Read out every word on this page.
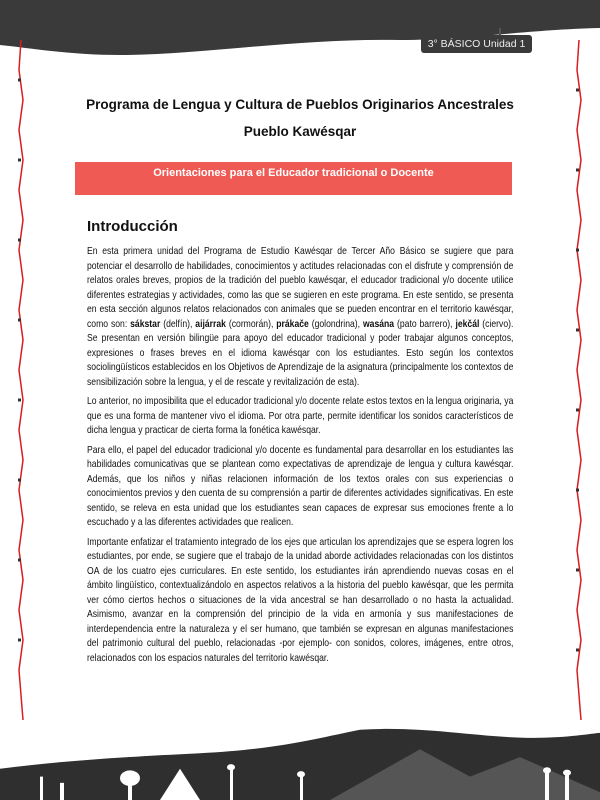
3° BÁSICO Unidad 1
Programa de Lengua y Cultura de Pueblos Originarios Ancestrales
Pueblo Kawésqar
Orientaciones para el Educador tradicional o Docente
Introducción

En esta primera unidad del Programa de Estudio Kawésqar de Tercer Año Básico se sugiere que para potenciar el desarrollo de habilidades, conocimientos y actitudes relacionadas con el disfrute y comprensión de relatos orales breves, propios de la tradición del pueblo kawésqar, el educador tradicional y/o docente utilice diferentes estrategias y actividades, como las que se sugieren en este programa. En este sentido, se presenta en esta sección algunos relatos relacionados con animales que se pueden encontrar en el territorio kawésqar, como son: sákstar (delfín), aijárrak (cormorán), prákače (golondrina), wasána (pato barrero), jekčál (ciervo). Se presentan en versión bilingüe para apoyo del educador tradicional y poder trabajar algunos conceptos, expresiones o frases breves en el idioma kawésqar con los estudiantes. Esto según los contextos sociolingüísticos establecidos en los Objetivos de Aprendizaje de la asignatura (principalmente los contextos de sensibilización sobre la lengua, y el de rescate y revitalización de esta).

Lo anterior, no imposibilita que el educador tradicional y/o docente relate estos textos en la lengua originaria, ya que es una forma de mantener vivo el idioma. Por otra parte, permite identificar los sonidos característicos de dicha lengua y practicar de cierta forma la fonética kawésqar.

Para ello, el papel del educador tradicional y/o docente es fundamental para desarrollar en los estudiantes las habilidades comunicativas que se plantean como expectativas de aprendizaje de lengua y cultura kawésqar. Además, que los niños y niñas relacionen información de los textos orales con sus experiencias o conocimientos previos y den cuenta de su comprensión a partir de diferentes actividades significativas. En este sentido, se releva en esta unidad que los estudiantes sean capaces de expresar sus emociones frente a lo escuchado y a las diferentes actividades que realicen.

Importante enfatizar el tratamiento integrado de los ejes que articulan los aprendizajes que se espera logren los estudiantes, por ende, se sugiere que el trabajo de la unidad aborde actividades relacionadas con los distintos OA de los cuatro ejes curriculares. En este sentido, los estudiantes irán aprendiendo nuevas cosas en el ámbito lingüístico, contextualizándolo en aspectos relativos a la historia del pueblo kawésqar, que les permita ver cómo ciertos hechos o situaciones de la vida ancestral se han desarrollado o no hasta la actualidad. Asimismo, avanzar en la comprensión del principio de la vida en armonía y sus manifestaciones de interdependencia entre la naturaleza y el ser humano, que también se expresan en algunas manifestaciones del patrimonio cultural del pueblo, relacionadas -por ejemplo- con sonidos, colores, imágenes, entre otros, relacionados con los espacios naturales del territorio kawésqar.
